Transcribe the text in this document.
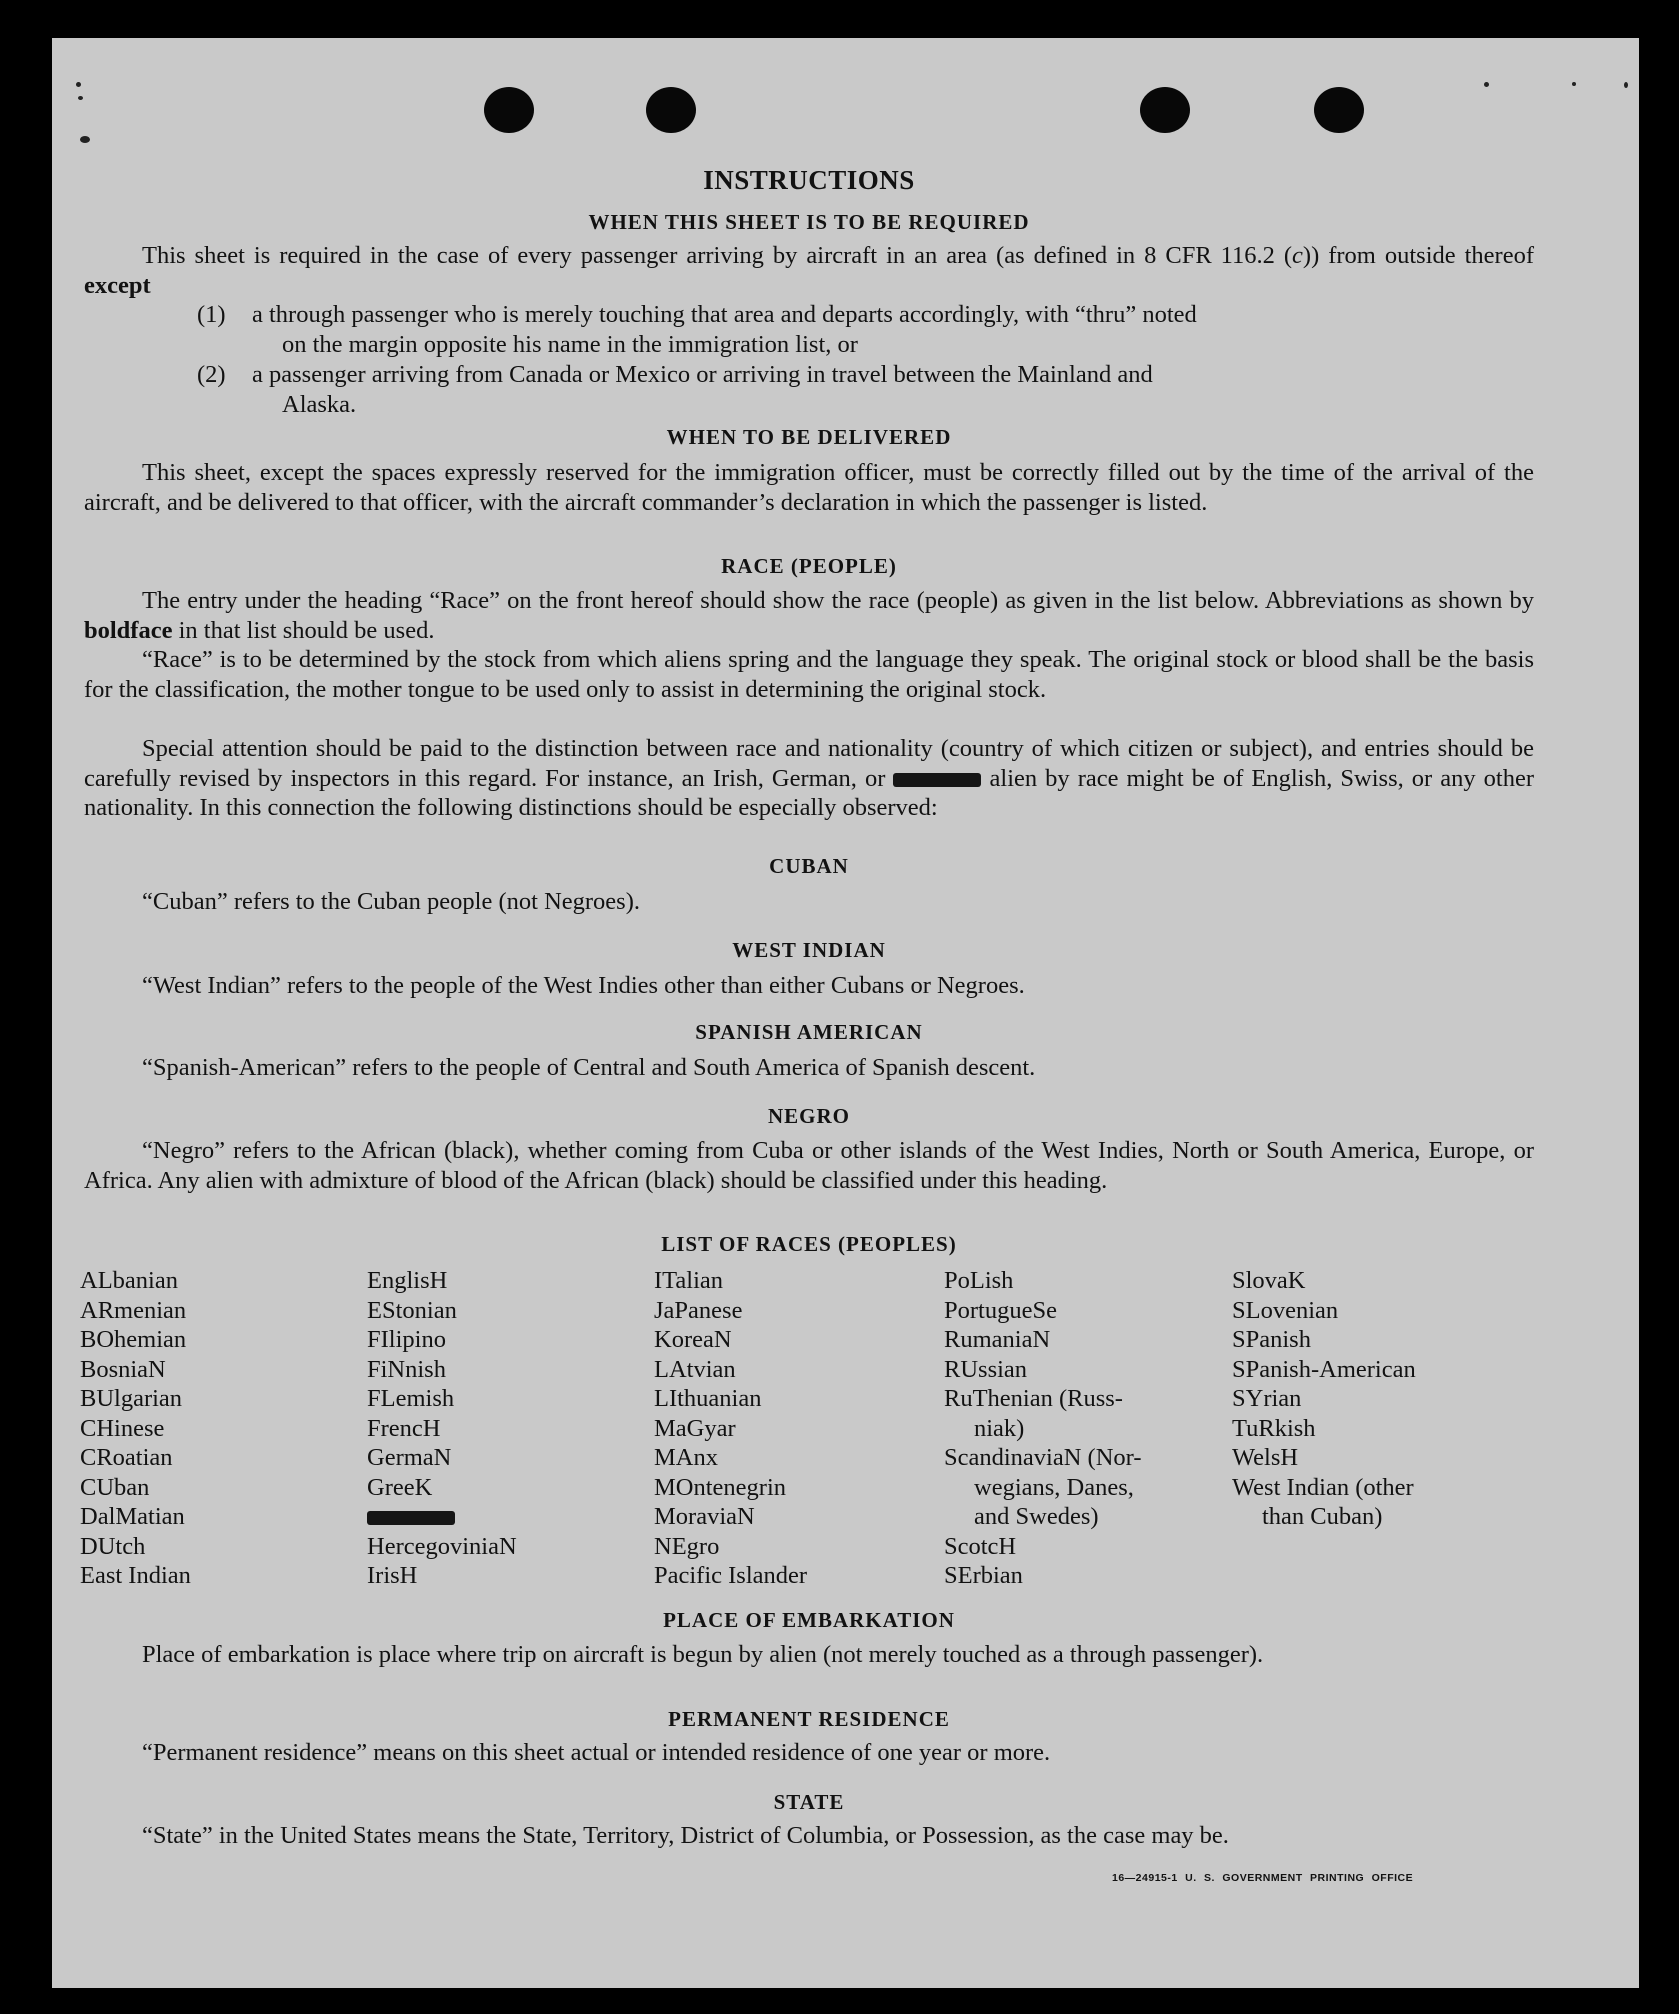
INSTRUCTIONS
WHEN THIS SHEET IS TO BE REQUIRED
This sheet is required in the case of every passenger arriving by aircraft in an area (as defined in 8 CFR 116.2 (c)) from outside thereof except
(1) a through passenger who is merely touching that area and departs accordingly, with “thru” noted
on the margin opposite his name in the immigration list, or
(2) a passenger arriving from Canada or Mexico or arriving in travel between the Mainland and
Alaska.
WHEN TO BE DELIVERED
This sheet, except the spaces expressly reserved for the immigration officer, must be correctly filled out by the time of the arrival of the aircraft, and be delivered to that officer, with the aircraft commander’s declaration in which the passenger is listed.
RACE (PEOPLE)
The entry under the heading “Race” on the front hereof should show the race (people) as given in the list below. Abbreviations as shown by boldface in that list should be used.
“Race” is to be determined by the stock from which aliens spring and the language they speak. The original stock or blood shall be the basis for the classification, the mother tongue to be used only to assist in determining the original stock.
Special attention should be paid to the distinction between race and nationality (country of which citizen or subject), and entries should be carefully revised by inspectors in this regard. For instance, an Irish, German, or	alien by race might be of English, Swiss, or any other nationality. In this connection the following distinctions should be especially observed:
CUBAN
“Cuban” refers to the Cuban people (not Negroes).
WEST INDIAN
“West Indian” refers to the people of the West Indies other than either Cubans or Negroes.
SPANISH AMERICAN
“Spanish-American” refers to the people of Central and South America of Spanish descent.
NEGRO
“Negro” refers to the African (black), whether coming from Cuba or other islands of the West Indies, North or South America, Europe, or Africa. Any alien with admixture of blood of the African (black) should be classified under this heading.
LIST OF RACES (PEOPLES)
ALbanian
ARmenian
BOhemian
BosniaN
BUlgarian
CHinese
CRoatian
CUban
DalMatian
DUtch
East Indian
EnglisH
EStonian
FIlipino
FiNnish
FLemish
FrencH
GermaN
GreeK
HercegoviniaN
IrisH
ITalian
JaPanese
KoreaN
LAtvian
LIthuanian
MaGyar
MAnx
MOntenegrin
MoraviaN
NEgro
Pacific Islander
PoLish
PortugueSe
RumaniaN
RUssian
RuThenian (Russ-
niak)
ScandinaviaN (Nor-
wegians, Danes,
and Swedes)
ScotcH
SErbian
SlovaK
SLovenian
SPanish
SPanish-American
SYrian
TuRkish
WelsH
West Indian (other
than Cuban)
PLACE OF EMBARKATION
Place of embarkation is place where trip on aircraft is begun by alien (not merely touched as a through passenger).
PERMANENT RESIDENCE
“Permanent residence” means on this sheet actual or intended residence of one year or more.
STATE
“State” in the United States means the State, Territory, District of Columbia, or Possession, as the case may be.
16—24915-1 U. S. GOVERNMENT PRINTING OFFICE
